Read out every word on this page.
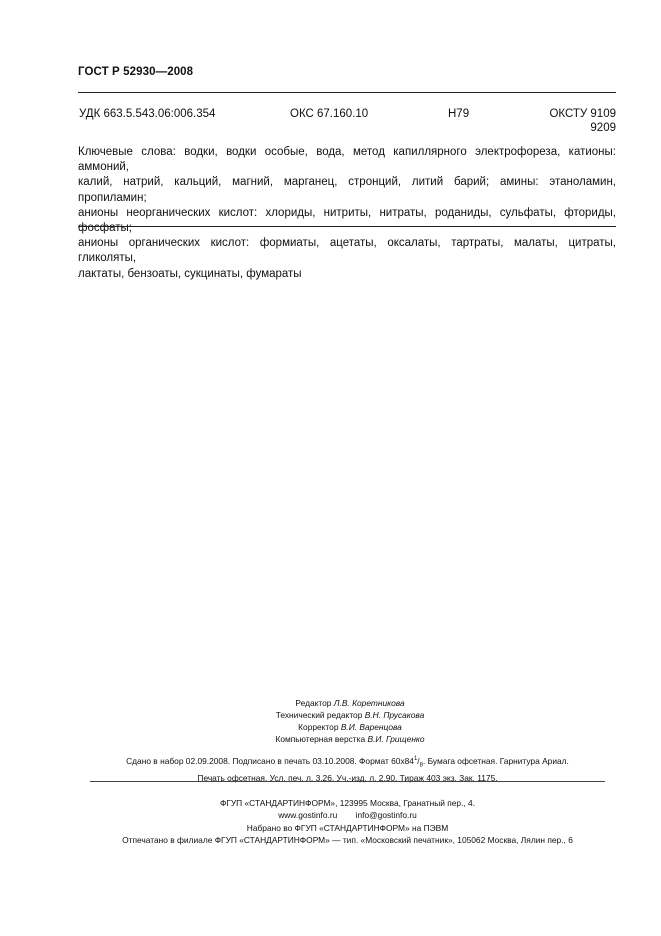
ГОСТ Р 52930—2008
УДК 663.5.543.06:006.354	ОКС 67.160.10	Н79	ОКСТУ 9109
9209
Ключевые слова: водки, водки особые, вода, метод капиллярного электрофореза, катионы: аммоний,
калий, натрий, кальций, магний, марганец, стронций, литий барий; амины: этаноламин, пропиламин;
анионы неорганических кислот: хлориды, нитриты, нитраты, роданиды, сульфаты, фториды, фосфаты;
анионы органических кислот: формиаты, ацетаты, оксалаты, тартраты, малаты, цитраты, гликоляты,
лактаты, бензоаты, сукцинаты, фумараты
Редактор Л.В. Коретникова
Технический редактор В.Н. Прусакова
Корректор В.И. Варенцова
Компьютерная верстка В.И. Грищенко
Сдано в набор 02.09.2008. Подписано в печать 03.10.2008. Формат $60х84^1/_8$. Бумага офсетная. Гарнитура Ариал.
Печать офсетная. Усл. печ. л. 3,26. Уч.-изд. л. 2,90. Тираж 403 экз. Зак. 1175.
ФГУП «СТАНДАРТИНФОРМ», 123995 Москва, Гранатный пер., 4.
www.gostinfo.ru info@gostinfo.ru
Набрано во ФГУП «СТАНДАРТИНФОРМ» на ПЭВМ
Отпечатано в филиале ФГУП «СТАНДАРТИНФОРМ» — тип. «Московский печатник», 105062 Москва, Лялин пер., 6
